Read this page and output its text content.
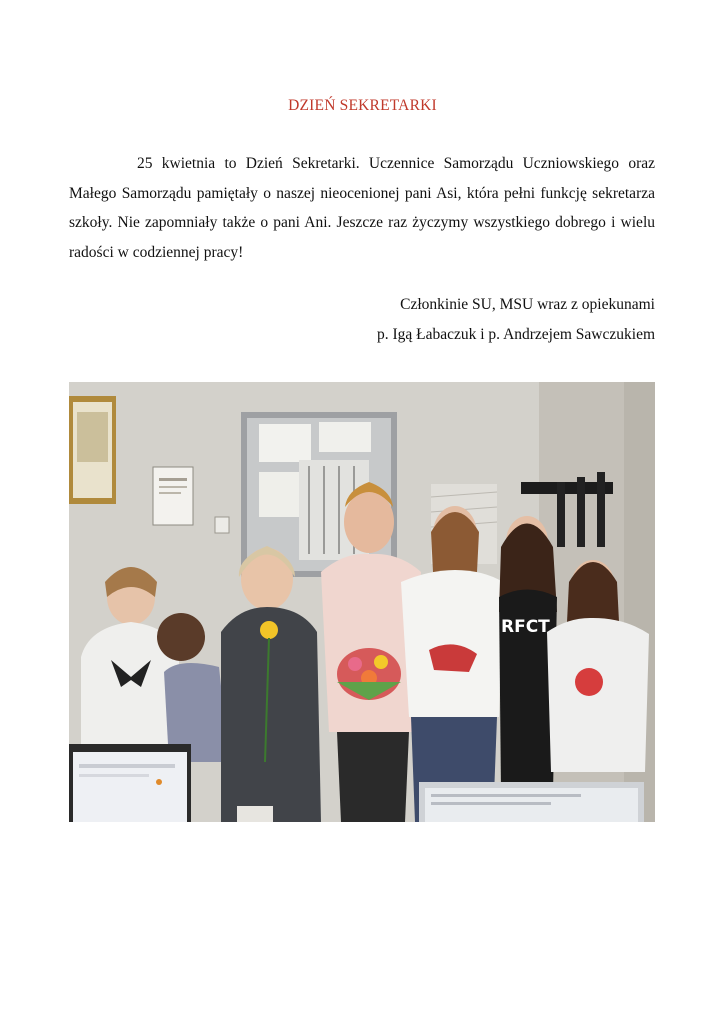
DZIEŃ SEKRETARKI

25 kwietnia to Dzień Sekretarki. Uczennice Samorządu Uczniowskiego oraz Małego Samorządu pamiętały o naszej nieocenionej pani Asi, która pełni funkcję sekretarza szkoły. Nie zapomniały także o pani Ani. Jeszcze raz życzymy wszystkiego dobrego i wielu radości w codziennej pracy!

Członkinie SU, MSU wraz z opiekunami
p. Igą Łabaczuk i p. Andrzejem Sawczukiem
RFCT
